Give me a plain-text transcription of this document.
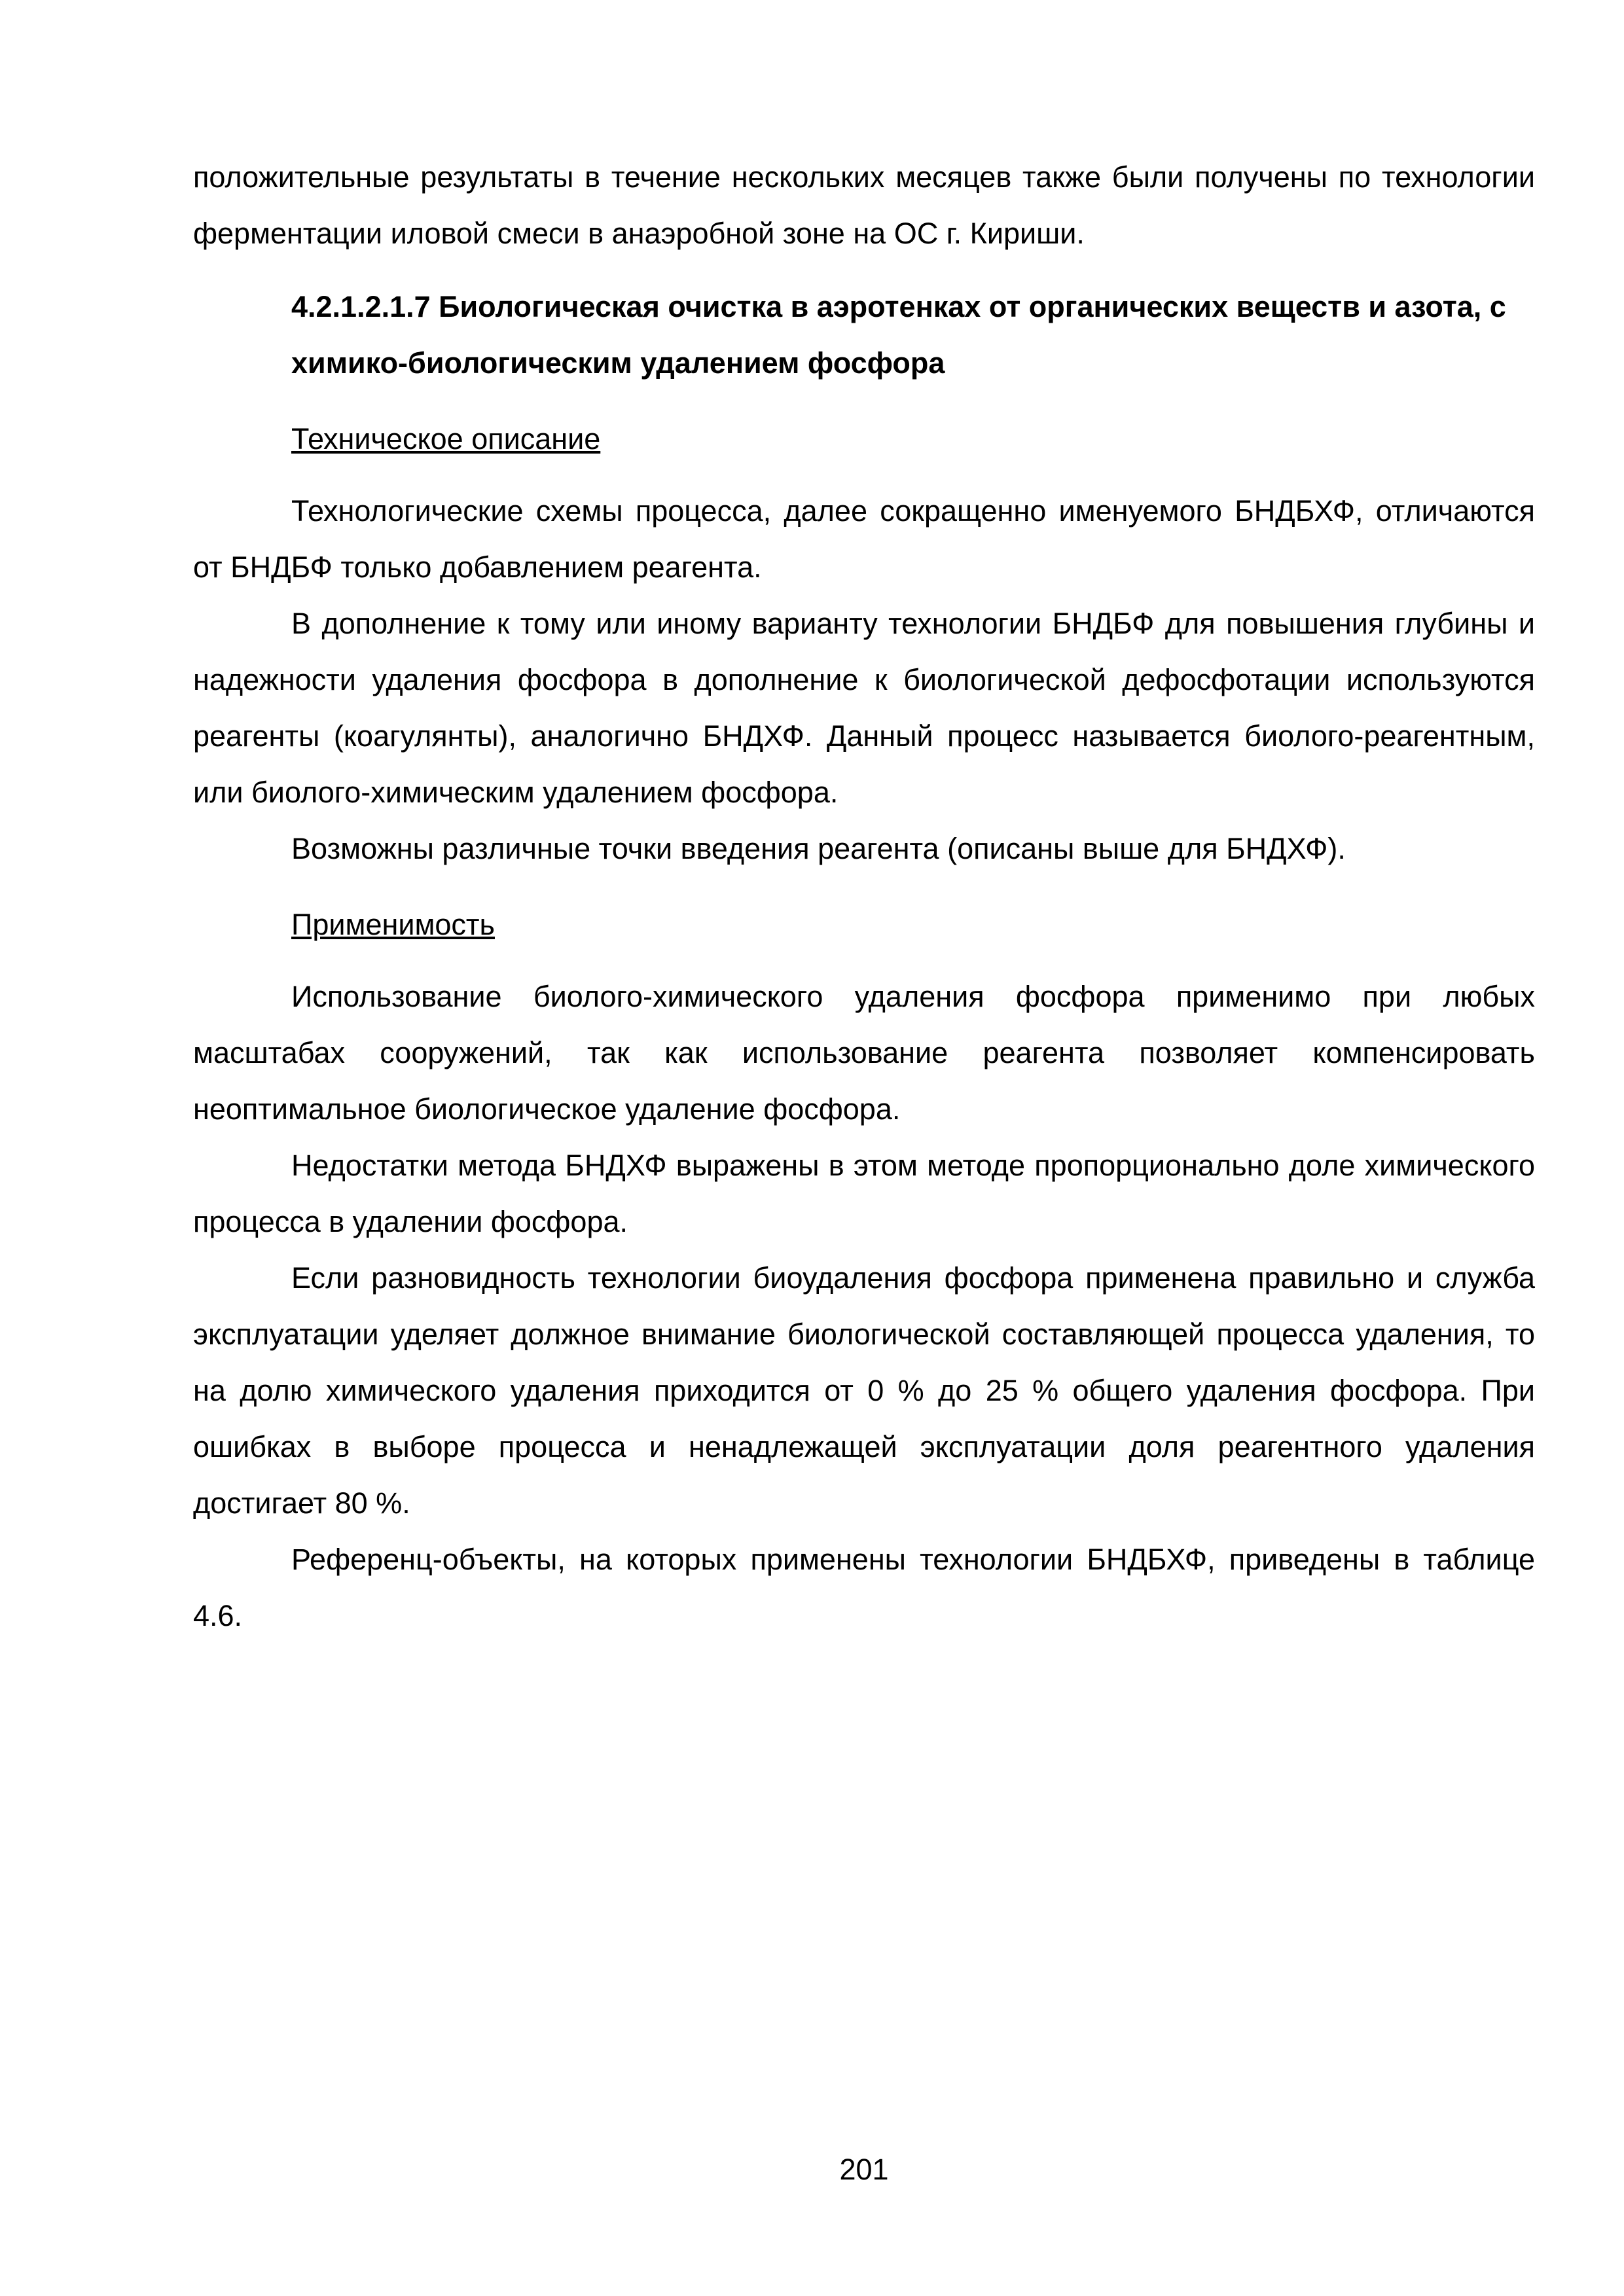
положительные результаты в течение нескольких месяцев также были получены по технологии ферментации иловой смеси в анаэробной зоне на ОС г. Кириши.

4.2.1.2.1.7 Биологическая очистка в аэротенках от органических веществ и азота, с химико-биологическим удалением фосфора

Техническое описание

Технологические схемы процесса, далее сокращенно именуемого БНДБХФ, отличаются от БНДБФ только добавлением реагента.

В дополнение к тому или иному варианту технологии БНДБФ для повышения глубины и надежности удаления фосфора в дополнение к биологической дефосфотации используются реагенты (коагулянты), аналогично БНДХФ. Данный процесс называется биолого-реагентным, или биолого-химическим удалением фосфора.

Возможны различные точки введения реагента (описаны выше для БНДХФ).

Применимость

Использование биолого-химического удаления фосфора применимо при любых масштабах сооружений, так как использование реагента позволяет компенсировать неоптимальное биологическое удаление фосфора.

Недостатки метода БНДХФ выражены в этом методе пропорционально доле химического процесса в удалении фосфора.

Если разновидность технологии биоудаления фосфора применена правильно и служба эксплуатации уделяет должное внимание биологической составляющей процесса удаления, то на долю химического удаления приходится от 0 % до 25 % общего удаления фосфора. При ошибках в выборе процесса и ненадлежащей эксплуатации доля реагентного удаления достигает 80 %.

Референц-объекты, на которых применены технологии БНДБХФ, приведены в таблице 4.6.

201
